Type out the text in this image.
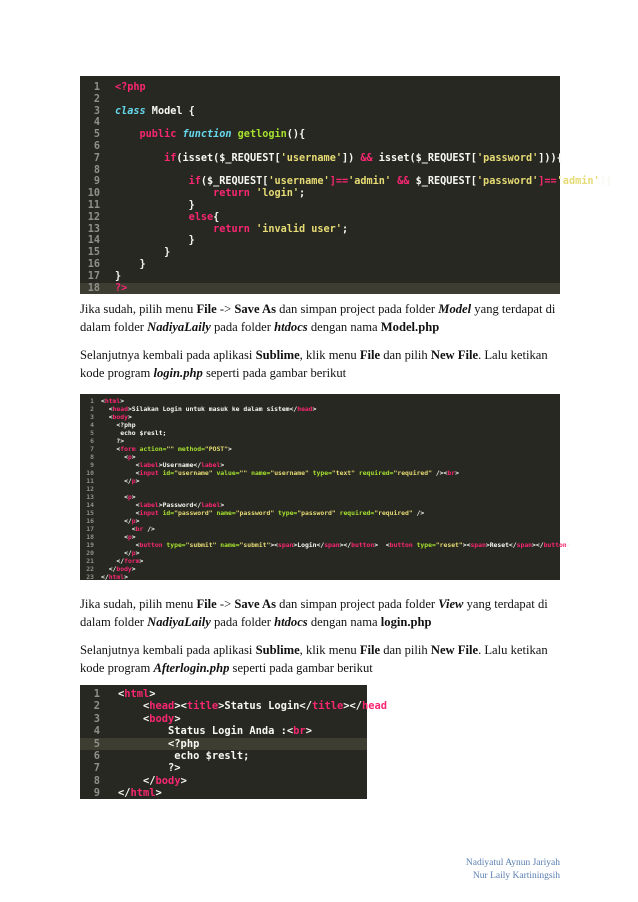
1 <?php
2
3 class Model {
4
5 public function getlogin(){
6
7 if(isset($_REQUEST['username']) && isset($_REQUEST['password'])){
8
9 if($_REQUEST['username']=='admin' && $_REQUEST['password']=='admin'){
10 return 'login';
11 }
12 else{
13 return 'invalid user';
14 }
15 }
16 }
17 }
18 ?>

Jika sudah, pilih menu File -> Save As dan simpan project pada folder Model yang terdapat di dalam folder NadiyaLaily pada folder htdocs dengan nama Model.php

Selanjutnya kembali pada aplikasi Sublime, klik menu File dan pilih New File. Lalu ketikan kode program login.php seperti pada gambar berikut

1 <html>
2 <head>Silakan Login untuk masuk ke dalam sistem</head>
3 <body>
4 <?php
5 echo $reslt;
6 ?>
7 <form action="" method="POST">
8 <p>
9 <label>Username</label>
10 <input id="username" value="" name="username" type="text" required="required" /><br>
11 </p>
12
13 <p>
14 <label>Password</label>
15 <input id="password" name="password" type="password" required="required" />
16 </p>
17 <br />
18 <p>
19 <button type="submit" name="submit"><span>Login</span></button>  <button type="reset"><span>Reset</span></button>
20 </p>
21 </form>
22 </body>
23 </html>

Jika sudah, pilih menu File -> Save As dan simpan project pada folder View yang terdapat di dalam folder NadiyaLaily pada folder htdocs dengan nama login.php

Selanjutnya kembali pada aplikasi Sublime, klik menu File dan pilih New File. Lalu ketikan kode program Afterlogin.php seperti pada gambar berikut

1 <html>
2 <head><title>Status Login</title></head>
3 <body>
4 Status Login Anda :<br>
5 <?php
6 echo $reslt;
7 ?>
8 </body>
9 </html>
Nadiyatul Aynun Jariyah
Nur Laily Kartiningsih
